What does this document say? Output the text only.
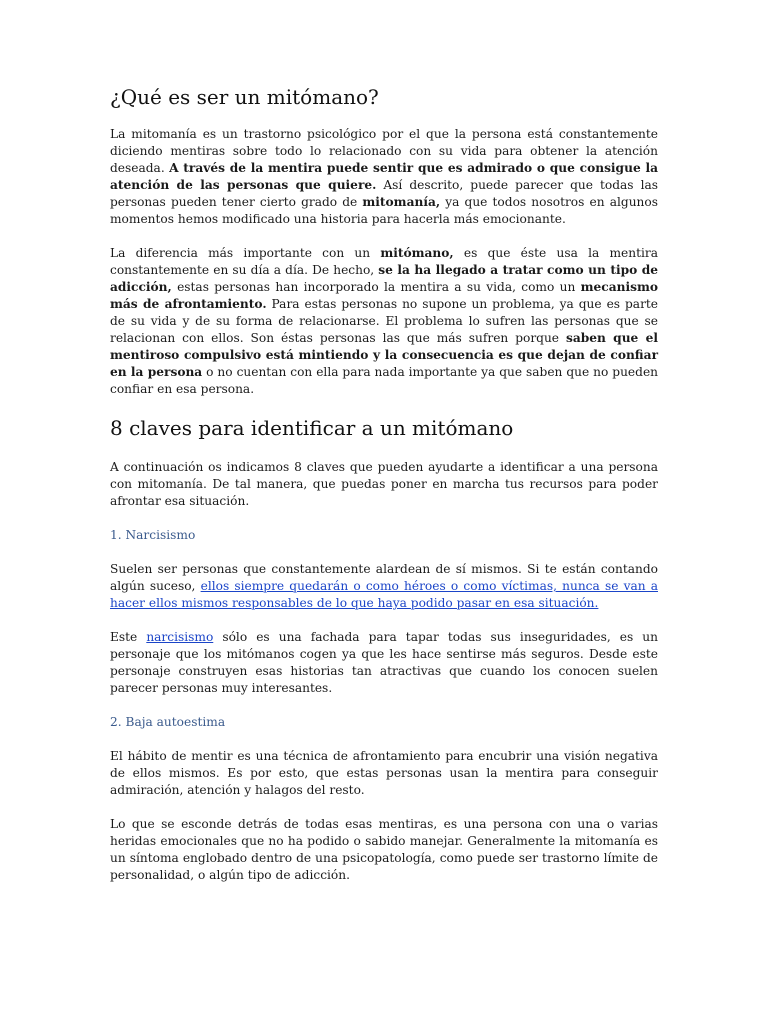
¿Qué es ser un mitómano?

La mitomanía es un trastorno psicológico por el que la persona está constantemente diciendo mentiras sobre todo lo relacionado con su vida para obtener la atención deseada. A través de la mentira puede sentir que es admirado o que consigue la atención de las personas que quiere. Así descrito, puede parecer que todas las personas pueden tener cierto grado de mitomanía, ya que todos nosotros en algunos momentos hemos modificado una historia para hacerla más emocionante.

La diferencia más importante con un mitómano, es que éste usa la mentira constantemente en su día a día. De hecho, se la ha llegado a tratar como un tipo de adicción, estas personas han incorporado la mentira a su vida, como un mecanismo más de afrontamiento. Para estas personas no supone un problema, ya que es parte de su vida y de su forma de relacionarse. El problema lo sufren las personas que se relacionan con ellos. Son éstas personas las que más sufren porque saben que el mentiroso compulsivo está mintiendo y la consecuencia es que dejan de confiar en la persona o no cuentan con ella para nada importante ya que saben que no pueden confiar en esa persona.

8 claves para identificar a un mitómano

A continuación os indicamos 8 claves que pueden ayudarte a identificar a una persona con mitomanía. De tal manera, que puedas poner en marcha tus recursos para poder afrontar esa situación.

1. Narcisismo

Suelen ser personas que constantemente alardean de sí mismos. Si te están contando algún suceso, ellos siempre quedarán o como héroes o como víctimas, nunca se van a hacer ellos mismos responsables de lo que haya podido pasar en esa situación.

Este narcisismo sólo es una fachada para tapar todas sus inseguridades, es un personaje que los mitómanos cogen ya que les hace sentirse más seguros. Desde este personaje construyen esas historias tan atractivas que cuando los conocen suelen parecer personas muy interesantes.

2. Baja autoestima

El hábito de mentir es una técnica de afrontamiento para encubrir una visión negativa de ellos mismos. Es por esto, que estas personas usan la mentira para conseguir admiración, atención y halagos del resto.

Lo que se esconde detrás de todas esas mentiras, es una persona con una o varias heridas emocionales que no ha podido o sabido manejar. Generalmente la mitomanía es un síntoma englobado dentro de una psicopatología, como puede ser trastorno límite de personalidad, o algún tipo de adicción.
